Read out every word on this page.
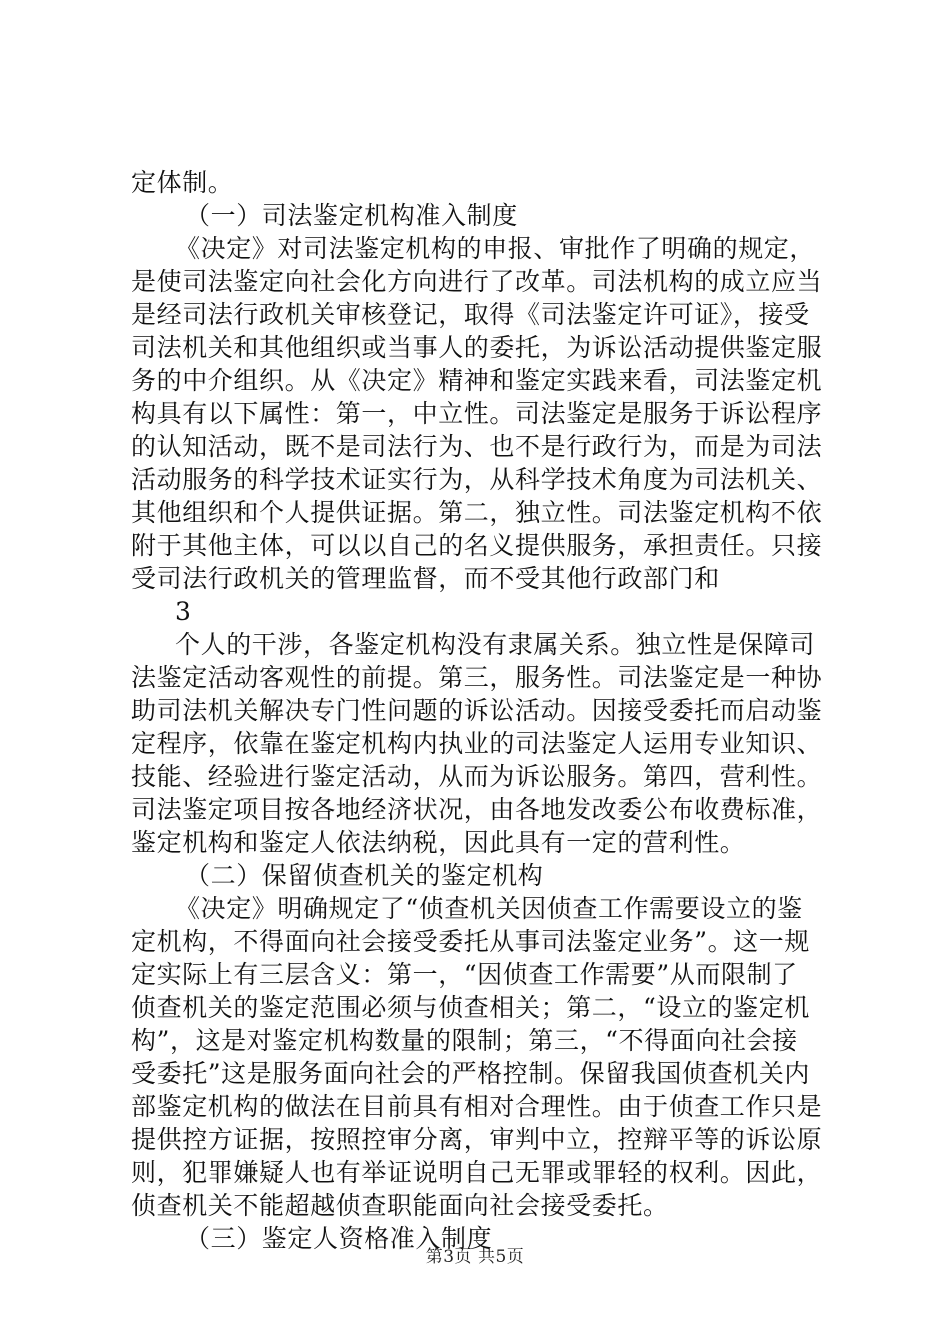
定体制。
（一）司法鉴定机构准入制度
《决定》对司法鉴定机构的申报、审批作了明确的规定，
是使司法鉴定向社会化方向进行了改革。司法机构的成立应当
是经司法行政机关审核登记，取得《司法鉴定许可证》，接受
司法机关和其他组织或当事人的委托，为诉讼活动提供鉴定服
务的中介组织。从《决定》精神和鉴定实践来看，司法鉴定机
构具有以下属性：第一，中立性。司法鉴定是服务于诉讼程序
的认知活动，既不是司法行为、也不是行政行为，而是为司法
活动服务的科学技术证实行为，从科学技术角度为司法机关、
其他组织和个人提供证据。第二，独立性。司法鉴定机构不依
附于其他主体，可以以自己的名义提供服务，承担责任。只接
受司法行政机关的管理监督，而不受其他行政部门和
3
个人的干涉，各鉴定机构没有隶属关系。独立性是保障司
法鉴定活动客观性的前提。第三，服务性。司法鉴定是一种协
助司法机关解决专门性问题的诉讼活动。因接受委托而启动鉴
定程序，依靠在鉴定机构内执业的司法鉴定人运用专业知识、
技能、经验进行鉴定活动，从而为诉讼服务。第四，营利性。
司法鉴定项目按各地经济状况，由各地发改委公布收费标准，
鉴定机构和鉴定人依法纳税，因此具有一定的营利性。
（二）保留侦查机关的鉴定机构
《决定》明确规定了“侦查机关因侦查工作需要设立的鉴
定机构，不得面向社会接受委托从事司法鉴定业务”。这一规
定实际上有三层含义：第一，“因侦查工作需要”从而限制了
侦查机关的鉴定范围必须与侦查相关；第二，“设立的鉴定机
构”，这是对鉴定机构数量的限制；第三，“不得面向社会接
受委托”这是服务面向社会的严格控制。保留我国侦查机关内
部鉴定机构的做法在目前具有相对合理性。由于侦查工作只是
提供控方证据，按照控审分离，审判中立，控辩平等的诉讼原
则，犯罪嫌疑人也有举证说明自己无罪或罪轻的权利。因此，
侦查机关不能超越侦查职能面向社会接受委托。
（三）鉴定人资格准入制度
第3页 共5页
